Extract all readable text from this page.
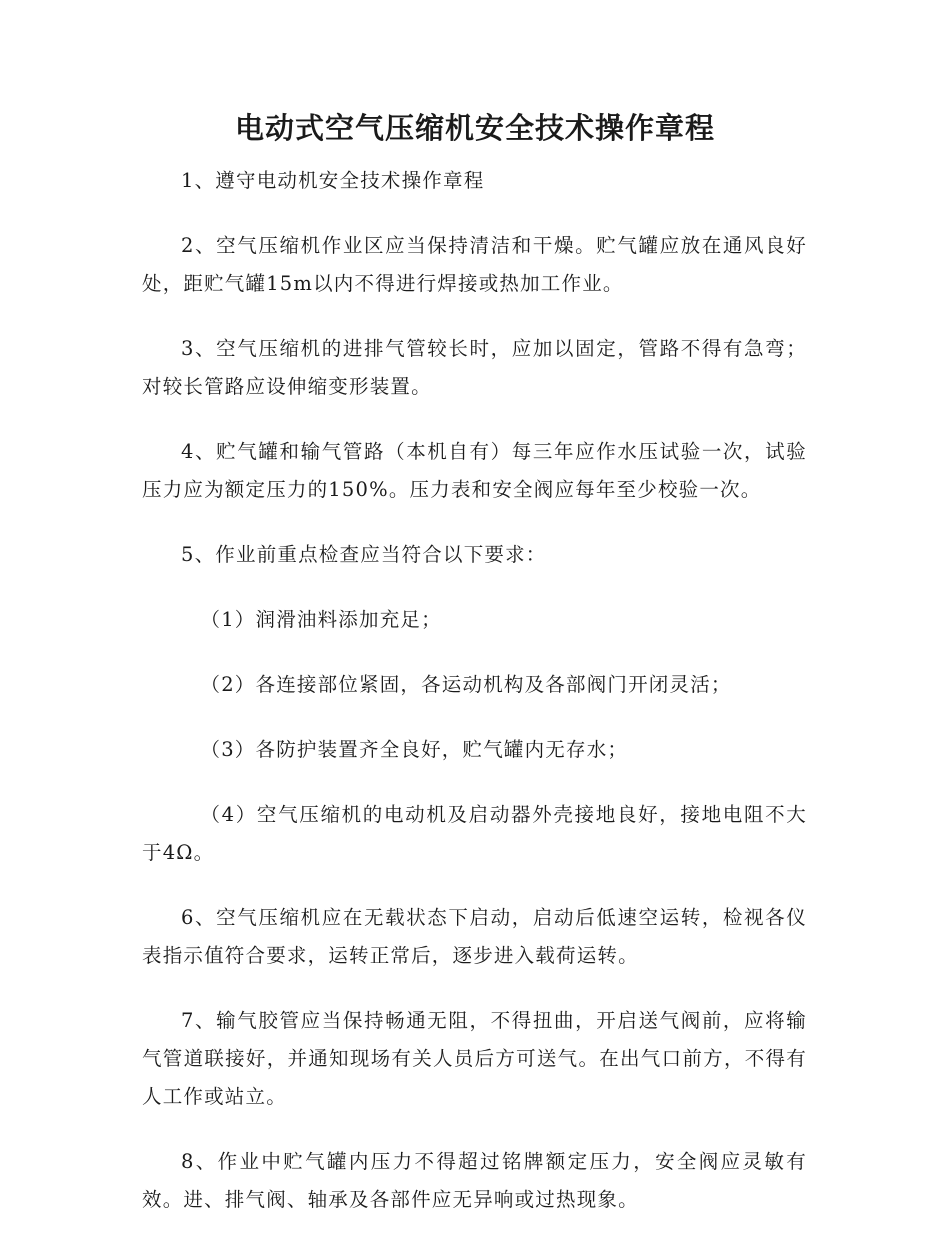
电动式空气压缩机安全技术操作章程

1、遵守电动机安全技术操作章程

2、空气压缩机作业区应当保持清洁和干燥。贮气罐应放在通风良好处，距贮气罐15m以内不得进行焊接或热加工作业。

3、空气压缩机的进排气管较长时，应加以固定，管路不得有急弯；对较长管路应设伸缩变形装置。

4、贮气罐和输气管路（本机自有）每三年应作水压试验一次，试验压力应为额定压力的150%。压力表和安全阀应每年至少校验一次。

5、作业前重点检查应当符合以下要求：

（1）润滑油料添加充足；

（2）各连接部位紧固，各运动机构及各部阀门开闭灵活；

（3）各防护装置齐全良好，贮气罐内无存水；

（4）空气压缩机的电动机及启动器外壳接地良好，接地电阻不大于4Ω。

6、空气压缩机应在无载状态下启动，启动后低速空运转，检视各仪表指示值符合要求，运转正常后，逐步进入载荷运转。

7、输气胶管应当保持畅通无阻，不得扭曲，开启送气阀前，应将输气管道联接好，并通知现场有关人员后方可送气。在出气口前方，不得有人工作或站立。

8、作业中贮气罐内压力不得超过铭牌额定压力，安全阀应灵敏有效。进、排气阀、轴承及各部件应无异响或过热现象。
